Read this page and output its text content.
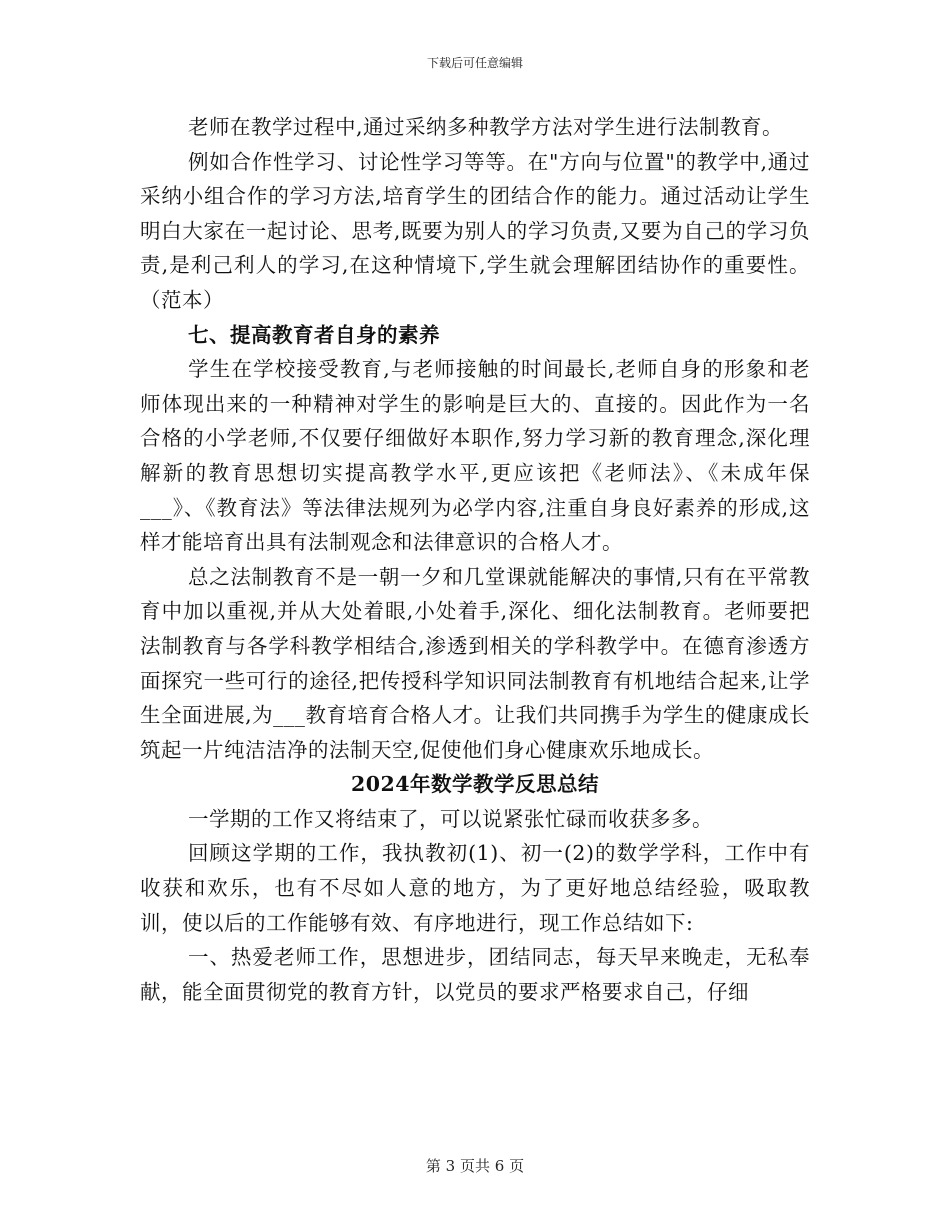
下载后可任意编辑

老师在教学过程中,通过采纳多种教学方法对学生进行法制教育。

例如合作性学习、讨论性学习等等。在"方向与位置"的教学中,通过采纳小组合作的学习方法,培育学生的团结合作的能力。通过活动让学生明白大家在一起讨论、思考,既要为别人的学习负责,又要为自己的学习负责,是利己利人的学习,在这种情境下,学生就会理解团结协作的重要性。（范本）

七、提高教育者自身的素养

学生在学校接受教育,与老师接触的时间最长,老师自身的形象和老师体现出来的一种精神对学生的影响是巨大的、直接的。因此作为一名合格的小学老师,不仅要仔细做好本职作,努力学习新的教育理念,深化理解新的教育思想切实提高教学水平,更应该把《老师法》、《未成年保___》、《教育法》等法律法规列为必学内容,注重自身良好素养的形成,这样才能培育出具有法制观念和法律意识的合格人才。

总之法制教育不是一朝一夕和几堂课就能解决的事情,只有在平常教育中加以重视,并从大处着眼,小处着手,深化、细化法制教育。老师要把法制教育与各学科教学相结合,渗透到相关的学科教学中。在德育渗透方面探究一些可行的途径,把传授科学知识同法制教育有机地结合起来,让学生全面进展,为___教育培育合格人才。让我们共同携手为学生的健康成长筑起一片纯洁洁净的法制天空,促使他们身心健康欢乐地成长。

2024年数学教学反思总结

一学期的工作又将结束了，可以说紧张忙碌而收获多多。

回顾这学期的工作，我执教初(1)、初一(2)的数学学科，工作中有收获和欢乐，也有不尽如人意的地方，为了更好地总结经验，吸取教训，使以后的工作能够有效、有序地进行，现工作总结如下:

一、热爱老师工作，思想进步，团结同志，每天早来晚走，无私奉献，能全面贯彻党的教育方针，以党员的要求严格要求自己，仔细

第 3 页共 6 页
